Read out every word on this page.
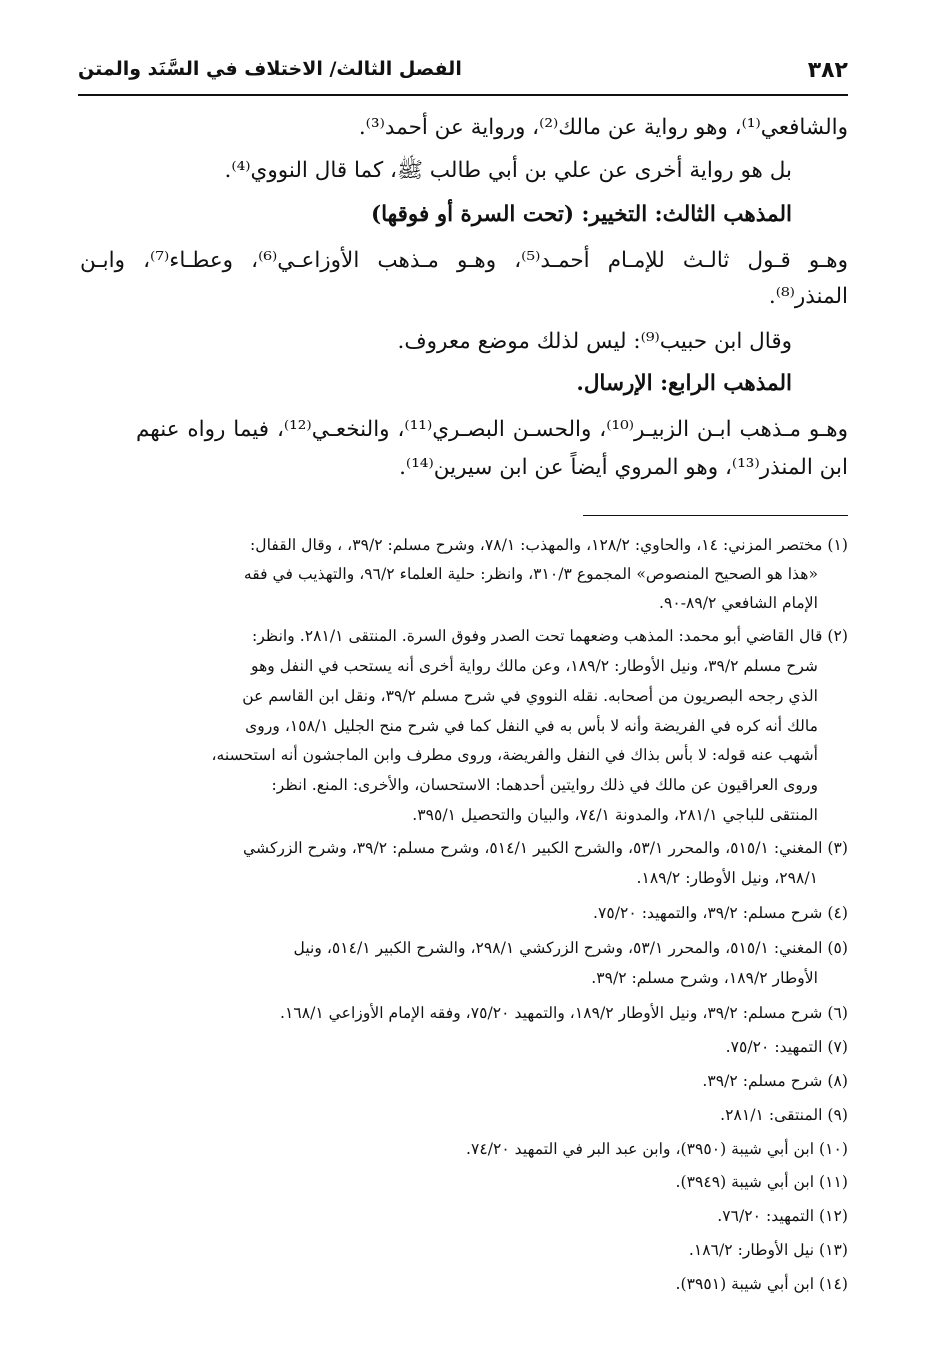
٣٨٢
الفصل الثالث/ الاختلاف في السَّنَد والمتن
والشافعي⁽¹⁾، وهو رواية عن مالك⁽²⁾، ورواية عن أحمد⁽³⁾.
بل هو رواية أخرى عن علي بن أبي طالب ﷺ، كما قال النووي⁽⁴⁾.
المذهب الثالث: التخيير: (تحت السرة أو فوقها)
وهـو قـول ثالـث للإمـام أحمـد⁽⁵⁾، وهـو مـذهب الأوزاعـي⁽⁶⁾، وعطـاء⁽⁷⁾، وابـن
المنذر⁽⁸⁾.
وقال ابن حبيب⁽⁹⁾: ليس لذلك موضع معروف.
المذهب الرابع: الإرسال.
وهـو مـذهب ابـن الزبيـر⁽¹⁰⁾، والحسـن البصـري⁽¹¹⁾، والنخعـي⁽¹²⁾، فيما رواه عنهم
ابن المنذر⁽¹³⁾، وهو المروي أيضاً عن ابن سيرين⁽¹⁴⁾.
(١) مختصر المزني: ١٤، والحاوي: ١٢٨/٢، والمهذب: ٧٨/١، وشرح مسلم: ٣٩/٢، ، وقال القفال:
«هذا هو الصحيح المنصوص» المجموع ٣١٠/٣، وانظر: حلية العلماء ٩٦/٢، والتهذيب في فقه
الإمام الشافعي ٨٩/٢-٩٠.
(٢) قال القاضي أبو محمد: المذهب وضعهما تحت الصدر وفوق السرة. المنتقى ٢٨١/١. وانظر:
شرح مسلم ٣٩/٢، ونيل الأوطار: ١٨٩/٢، وعن مالك رواية أخرى أنه يستحب في النفل وهو
الذي رجحه البصريون من أصحابه. نقله النووي في شرح مسلم ٣٩/٢، ونقل ابن القاسم عن
مالك أنه كره في الفريضة وأنه لا بأس به في النفل كما في شرح منح الجليل ١٥٨/١، وروى
أشهب عنه قوله: لا بأس بذاك في النفل والفريضة، وروى مطرف وابن الماجشون أنه استحسنه،
وروى العراقيون عن مالك في ذلك روايتين أحدهما: الاستحسان، والأخرى: المنع. انظر:
المنتقى للباجي ٢٨١/١، والمدونة ٧٤/١، والبيان والتحصيل ٣٩٥/١.
(٣) المغني: ٥١٥/١، والمحرر ٥٣/١، والشرح الكبير ٥١٤/١، وشرح مسلم: ٣٩/٢، وشرح الزركشي
٢٩٨/١، ونيل الأوطار: ١٨٩/٢.
(٤) شرح مسلم: ٣٩/٢، والتمهيد: ٧٥/٢٠.
(٥) المغني: ٥١٥/١، والمحرر ٥٣/١، وشرح الزركشي ٢٩٨/١، والشرح الكبير ٥١٤/١، ونيل
الأوطار ١٨٩/٢، وشرح مسلم: ٣٩/٢.
(٦) شرح مسلم: ٣٩/٢، ونيل الأوطار ١٨٩/٢، والتمهيد ٧٥/٢٠، وفقه الإمام الأوزاعي ١٦٨/١.
(٧) التمهيد: ٧٥/٢٠.
(٨) شرح مسلم: ٣٩/٢.
(٩) المنتقى: ٢٨١/١.
(١٠) ابن أبي شيبة (٣٩٥٠)، وابن عبد البر في التمهيد ٧٤/٢٠.
(١١) ابن أبي شيبة (٣٩٤٩).
(١٢) التمهيد: ٧٦/٢٠.
(١٣) نيل الأوطار: ١٨٦/٢.
(١٤) ابن أبي شيبة (٣٩٥١).
